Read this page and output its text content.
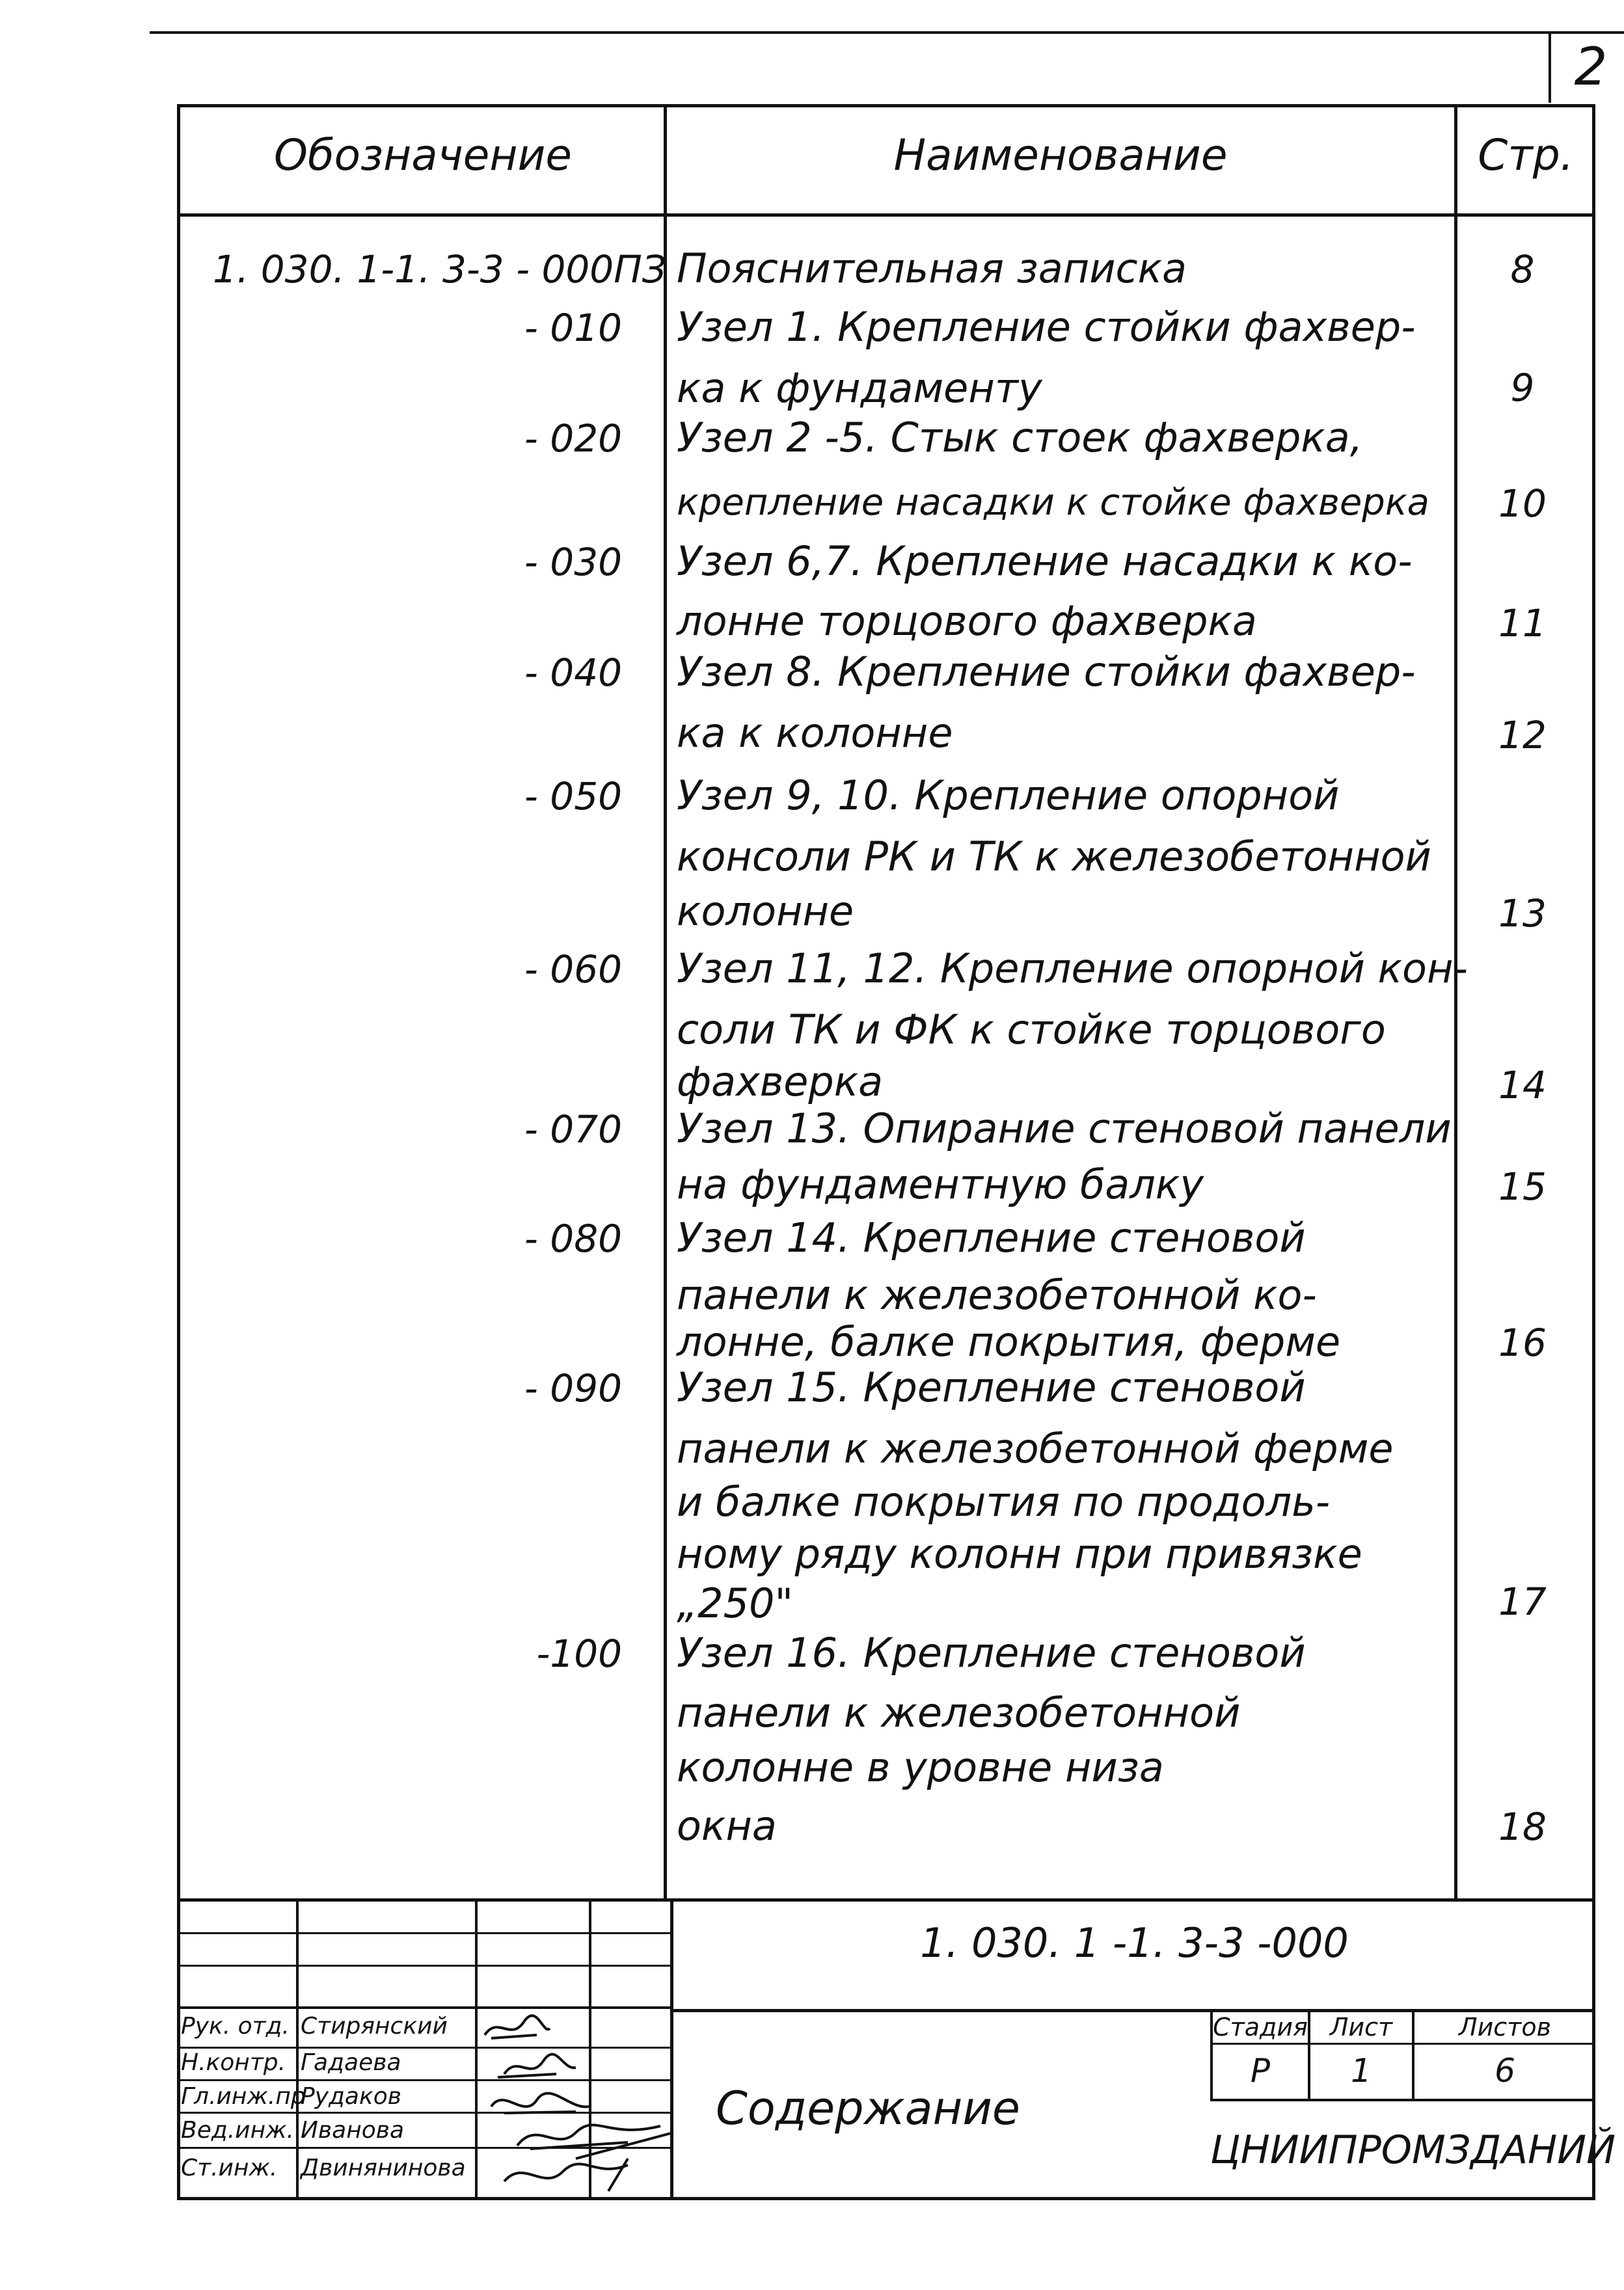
2
Обозначение	Наименование	Стр.
1. 030. 1-1. 3-3 - 000ПЗ Пояснительная записка	8
- 010 Узел 1. Крепление стойки фахвер-
ка к фундаменту	9
- 020 Узел 2 -5. Стык стоек фахверка,
крепление насадки к стойке фахверка	10
- 030 Узел 6,7. Крепление насадки к ко-
лонне торцового фахверка	11
- 040 Узел 8. Крепление стойки фахвер-
ка к колонне	12
- 050 Узел 9, 10. Крепление опорной
консоли РК и ТК к железобетонной
колонне	13
- 060 Узел 11, 12. Крепление опорной кон-
соли ТК и ФК к стойке торцового
фахверка	14
- 070 Узел 13. Опирание стеновой панели
на фундаментную балку	15
- 080 Узел 14. Крепление стеновой
панели к железобетонной ко-
лонне, балке покрытия, ферме	16
- 090 Узел 15. Крепление стеновой
панели к железобетонной ферме
и балке покрытия по продоль-
ному ряду колонн при привязке
„250"	17
-100 Узел 16. Крепление стеновой
панели к железобетонной
колонне в уровне низа
окна	18
Рук. отд. Стирянский
Н.контр. Гадаева
Гл.инж.пр
Рудаков
Вед.инж. Иванова
Ст.инж. Двинянинова
1. 030. 1 -1. 3-3 -000
Содержание
Стадия Лист	Листов
Р	1	6
ЦНИИПРОМЗДАНИЙ
